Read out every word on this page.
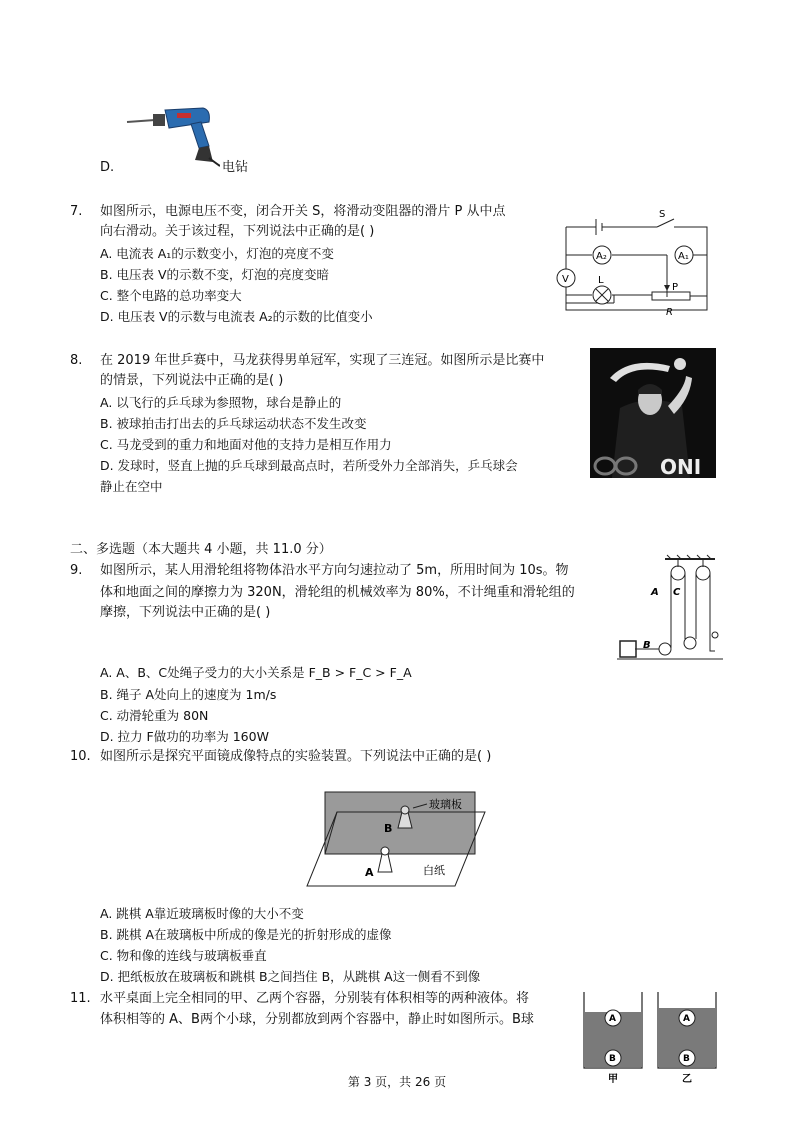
D.	电钻
7. 如图所示，电源电压不变，闭合开关 S，将滑动变阻器的滑片 P 从中点
向右滑动。关于该过程，下列说法中正确的是( )
A. 电流表 A₁的示数变小，灯泡的亮度不变
B. 电压表 V的示数不变，灯泡的亮度变暗
C. 整个电路的总功率变大
D. 电压表 V的示数与电流表 A₂的示数的比值变小
S
A₂	A₁
V	L
P
R
8. 在 2019 年世乒赛中，马龙获得男单冠军，实现了三连冠。如图所示是比赛中
的情景，下列说法中正确的是( )
A. 以飞行的乒乓球为参照物，球台是静止的
B. 被球拍击打出去的乒乓球运动状态不发生改变
C. 马龙受到的重力和地面对他的支持力是相互作用力
D. 发球时，竖直上抛的乒乓球到最高点时，若所受外力全部消失，乒乓球会
静止在空中
ONI
二、多选题（本大题共 4 小题，共 11.0 分）
9. 如图所示，某人用滑轮组将物体沿水平方向匀速拉动了 5m，所用时间为 10s。物
体和地面之间的摩擦力为 320N，滑轮组的机械效率为 80%，不计绳重和滑轮组的
摩擦，下列说法中正确的是( )
A. A、B、C处绳子受力的大小关系是 F_B > F_C > F_A
B. 绳子 A处向上的速度为 1m/s
C. 动滑轮重为 80N
D. 拉力 F做功的功率为 160W
A C
B
10. 如图所示是探究平面镜成像特点的实验装置。下列说法中正确的是( )
玻璃板
B
A	白纸
A. 跳棋 A靠近玻璃板时像的大小不变
B. 跳棋 A在玻璃板中所成的像是光的折射形成的虚像
C. 物和像的连线与玻璃板垂直
D. 把纸板放在玻璃板和跳棋 B之间挡住 B，从跳棋 A这一侧看不到像
11. 水平桌面上完全相同的甲、乙两个容器，分别装有体积相等的两种液体。将
体积相等的 A、B两个小球，分别都放到两个容器中，静止时如图所示。B球	A
B
A
B
甲	乙
第 3 页，共 26 页
